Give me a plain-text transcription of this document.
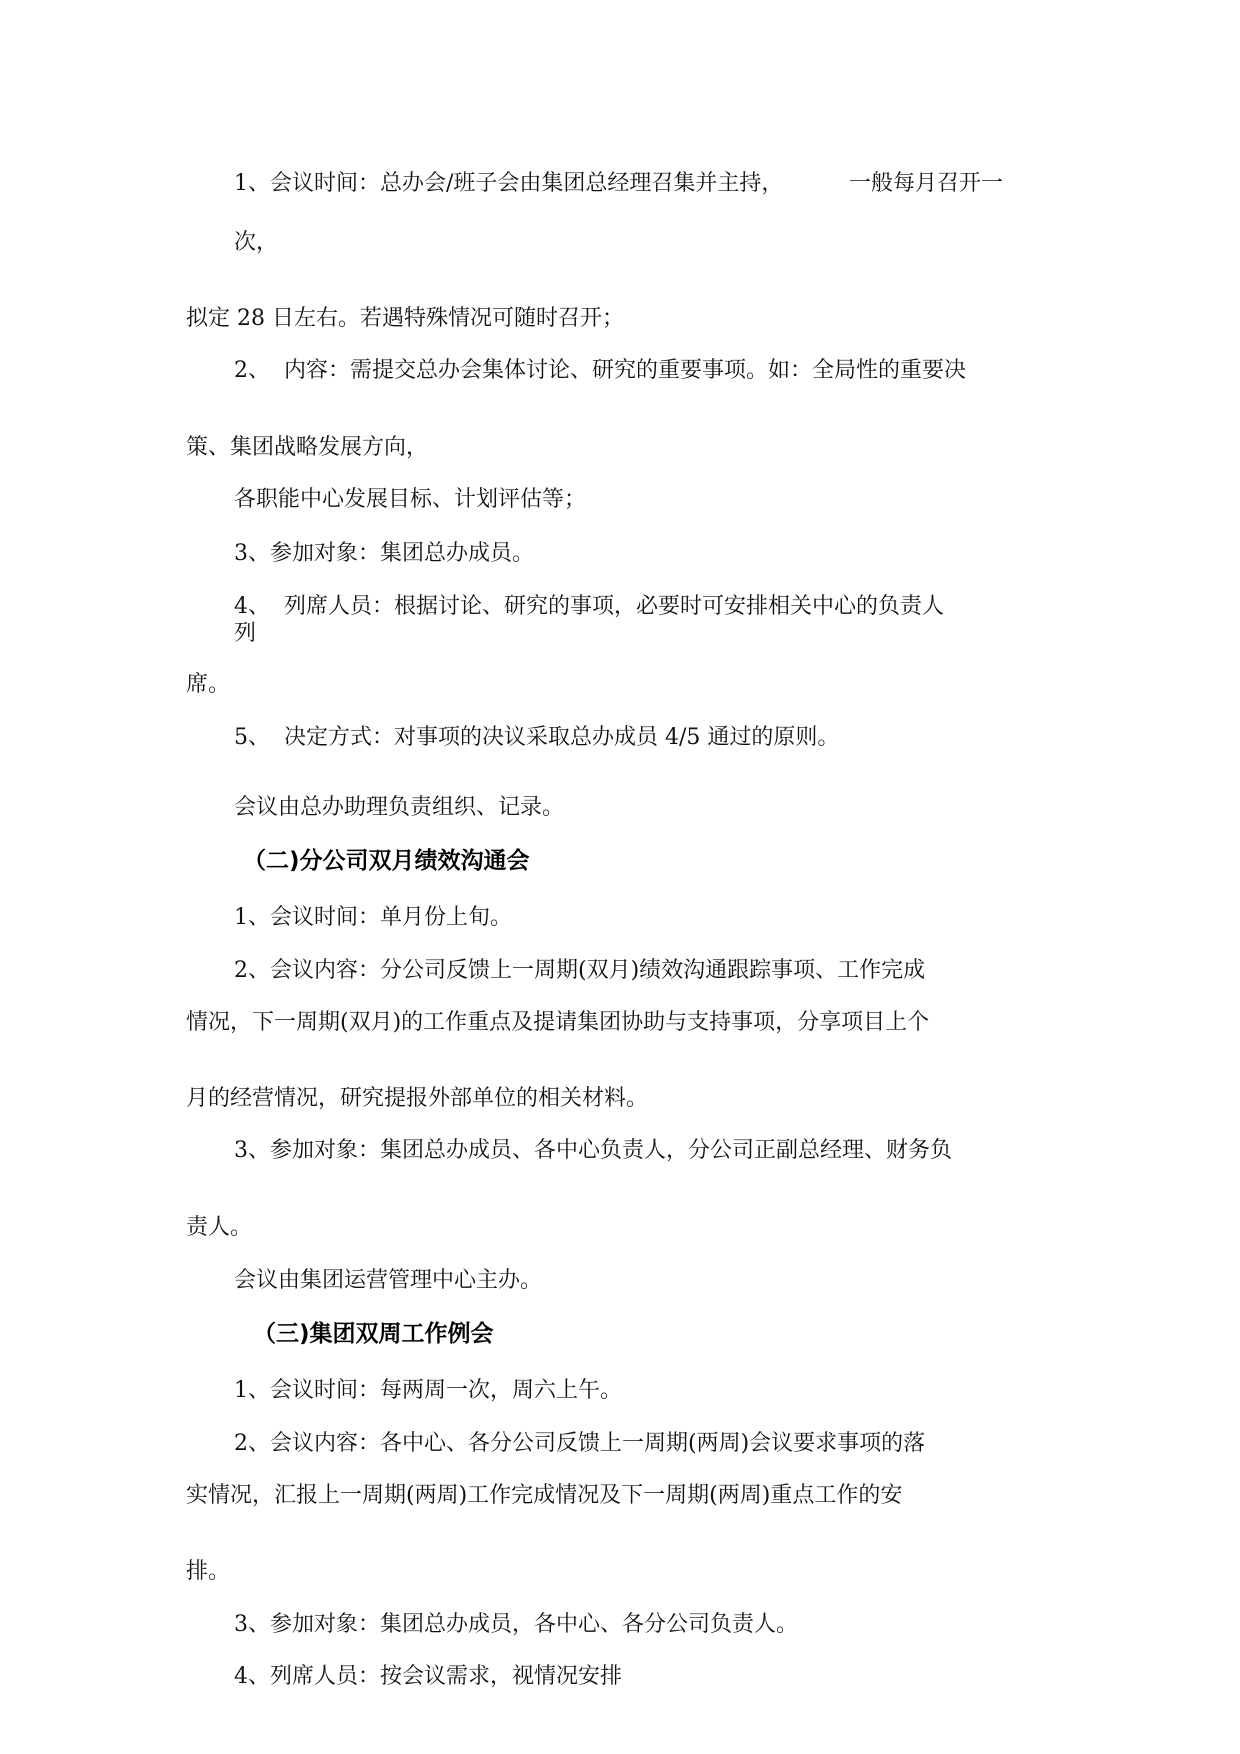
1、会议时间：总办会/班子会由集团总经理召集并主持，	一般每月召开一
次，
拟定 28 日左右。若遇特殊情况可随时召开；
2、  内容：需提交总办会集体讨论、研究的重要事项。如：全局性的重要决
策、集团战略发展方向，
各职能中心发展目标、计划评估等；
3、参加对象：集团总办成员。
4、  列席人员：根据讨论、研究的事项，必要时可安排相关中心的负责人
列
席。
5、  决定方式：对事项的决议采取总办成员 4/5 通过的原则。
会议由总办助理负责组织、记录。
（二)分公司双月绩效沟通会
1、会议时间：单月份上旬。
2、会议内容：分公司反馈上一周期(双月)绩效沟通跟踪事项、工作完成
情况，下一周期(双月)的工作重点及提请集团协助与支持事项，分享项目上个
月的经营情况，研究提报外部单位的相关材料。
3、参加对象：集团总办成员、各中心负责人，分公司正副总经理、财务负
责人。
会议由集团运营管理中心主办。
（三)集团双周工作例会
1、会议时间：每两周一次，周六上午。
2、会议内容：各中心、各分公司反馈上一周期(两周)会议要求事项的落
实情况，汇报上一周期(两周)工作完成情况及下一周期(两周)重点工作的安
排。
3、参加对象：集团总办成员，各中心、各分公司负责人。
4、列席人员：按会议需求，视情况安排
